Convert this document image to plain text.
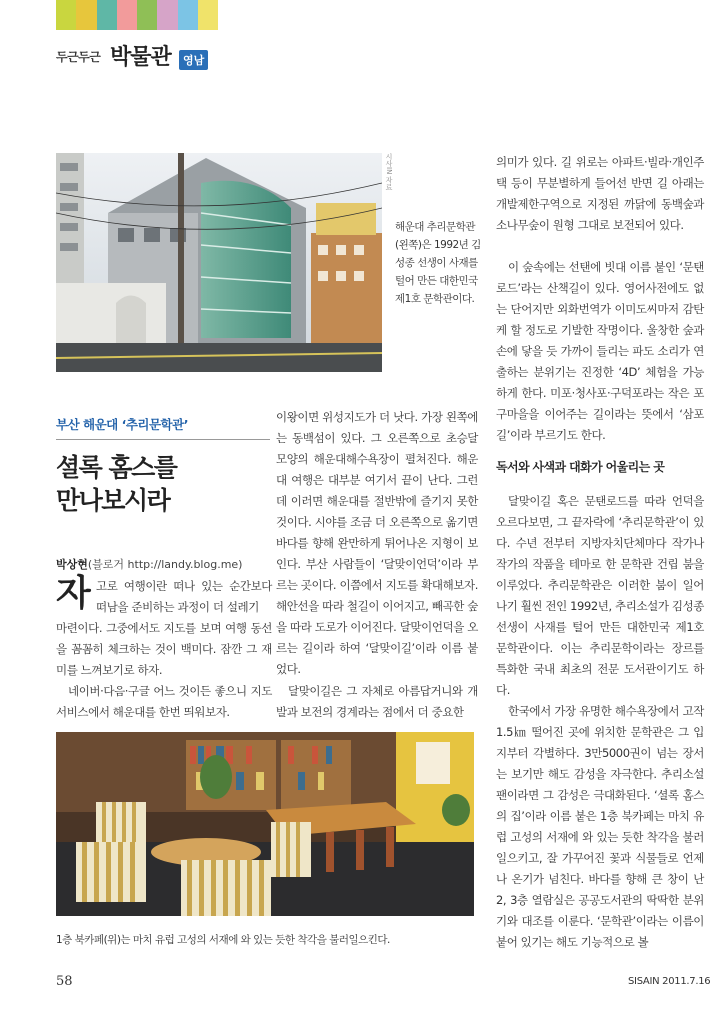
두근두근 박물관	영남
시사IN 자료
해운대 추리문학관(왼쪽)은 1992년 김성종 선생이 사재를 털어 만든 대한민국 제1호 문학관이다.
부산 해운대 ‘추리문학관’
셜록 홈스를
만나보시라
박상현(블로거 http://landy.blog.me)
자 고로 여행이란 떠나 있는 순간보다 떠남을 준비하는 과정이 더 설레기
마련이다. 그중에서도 지도를 보며 여행 동선을 꼼꼼히 체크하는 것이 백미다. 잠깐 그 재미를 느껴보기로 하자.
네이버·다음·구글 어느 것이든 좋으니 지도 서비스에서 해운대를 한번 띄워보자.
이왕이면 위성지도가 더 낫다. 가장 왼쪽에는 동백섬이 있다. 그 오른쪽으로 초승달 모양의 해운대해수욕장이 펼쳐진다. 해운대 여행은 대부분 여기서 끝이 난다. 그런데 이러면 해운대를 절반밖에 즐기지 못한 것이다. 시야를 조금 더 오른쪽으로 옮기면 바다를 향해 완만하게 튀어나온 지형이 보인다. 부산 사람들이 ‘달맞이언덕’이라 부르는 곳이다. 이쯤에서 지도를 확대해보자. 해안선을 따라 철길이 이어지고, 빼곡한 숲을 따라 도로가 이어진다. 달맞이언덕을 오르는 길이라 하여 ‘달맞이길’이라 이름 붙었다.
달맞이길은 그 자체로 아름답거니와 개발과 보전의 경계라는 점에서 더 중요한
1층 북카페(위)는 마치 유럽 고성의 서재에 와 있는 듯한 착각을 불러일으킨다.
의미가 있다. 길 위로는 아파트·빌라·개인주택 등이 무분별하게 들어선 반면 길 아래는 개발제한구역으로 지정된 까닭에 동백숲과 소나무숲이 원형 그대로 보전되어 있다.
이 숲속에는 선탠에 빗대 이름 붙인 ‘문탠로드’라는 산책길이 있다. 영어사전에도 없는 단어지만 외화번역가 이미도씨마저 감탄케 할 정도로 기발한 작명이다. 울창한 숲과 손에 닿을 듯 가까이 들리는 파도 소리가 연출하는 분위기는 진정한 ‘4D’ 체험을 가능하게 한다. 미포·청사포·구덕포라는 작은 포구마을을 이어주는 길이라는 뜻에서 ‘삼포길’이라 부르기도 한다.
독서와 사색과 대화가 어울리는 곳
달맞이길 혹은 문탠로드를 따라 언덕을 오르다보면, 그 끝자락에 ‘추리문학관’이 있다. 수년 전부터 지방자치단체마다 작가나 작가의 작품을 테마로 한 문학관 건립 붐을 이루었다. 추리문학관은 이러한 붐이 일어나기 훨씬 전인 1992년, 추리소설가 김성종 선생이 사재를 털어 만든 대한민국 제1호 문학관이다. 이는 추리문학이라는 장르를 특화한 국내 최초의 전문 도서관이기도 하다.
한국에서 가장 유명한 해수욕장에서 고작 1.5㎞ 떨어진 곳에 위치한 문학관은 그 입지부터 각별하다. 3만5000권이 넘는 장서는 보기만 해도 감성을 자극한다. 추리소설 팬이라면 그 감성은 극대화된다. ‘셜록 홈스의 집’이라 이름 붙은 1층 북카페는 마치 유럽 고성의 서재에 와 있는 듯한 착각을 불러일으키고, 잘 가꾸어진 꽃과 식물들로 언제나 온기가 넘친다. 바다를 향해 큰 창이 난 2, 3층 열람실은 공공도서관의 딱딱한 분위기와 대조를 이룬다. ‘문학관’이라는 이름이 붙어 있기는 해도 기능적으로 볼
58	SISAIN 2011.7.16
